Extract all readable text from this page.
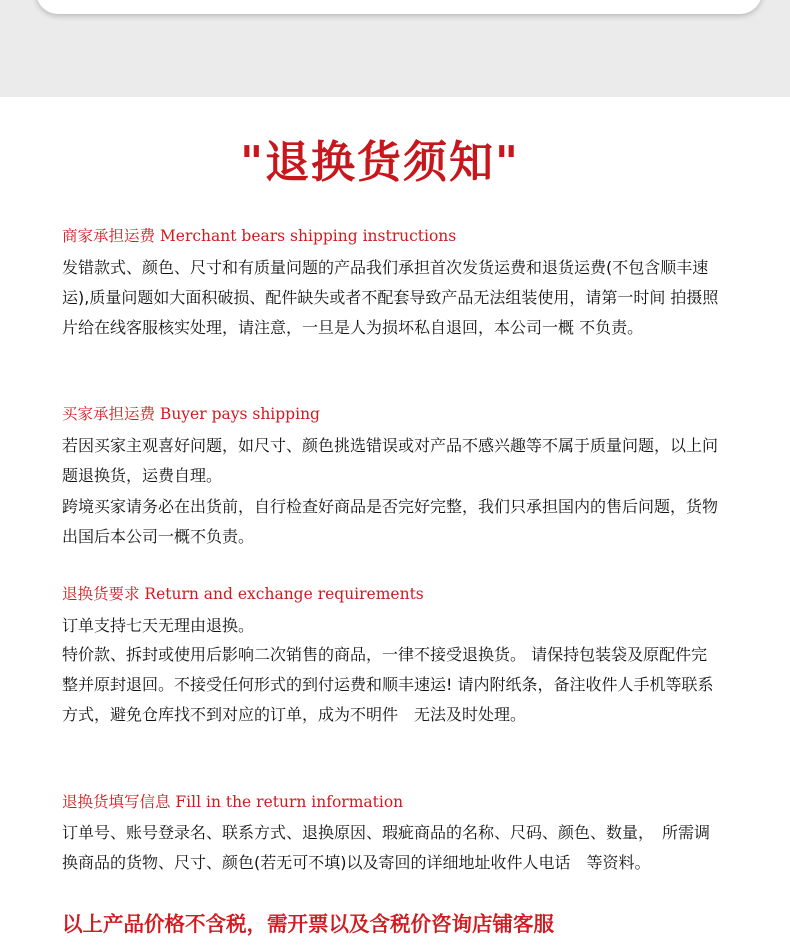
"退换货须知"
商家承担运费 Merchant bears shipping instructions

发错款式、颜色、尺寸和有质量问题的产品我们承担首次发货运费和退货运费(不包含顺丰速运),质量问题如大面积破损、配件缺失或者不配套导致产品无法组装使用，请第一时间 拍摄照片给在线客服核实处理，请注意，一旦是人为损坏私自退回，本公司一概 不负责。

买家承担运费 Buyer pays shipping

若因买家主观喜好问题，如尺寸、颜色挑选错误或对产品不感兴趣等不属于质量问题，以上问题退换货，运费自理。

跨境买家请务必在出货前，自行检查好商品是否完好完整，我们只承担国内的售后问题，货物出国后本公司一概不负责。

退换货要求 Return and exchange requirements

订单支持七天无理由退换。

特价款、拆封或使用后影响二次销售的商品，一律不接受退换货。 请保持包装袋及原配件完整并原封退回。不接受任何形式的到付运费和顺丰速运! 请内附纸条，备注收件人手机等联系方式，避免仓库找不到对应的订单，成为不明件　无法及时处理。

退换货填写信息 Fill in the return information

订单号、账号登录名、联系方式、退换原因、瑕疵商品的名称、尺码、颜色、数量，　所需调换商品的货物、尺寸、颜色(若无可不填)以及寄回的详细地址收件人电话　等资料。

以上产品价格不含税，需开票以及含税价咨询店铺客服
